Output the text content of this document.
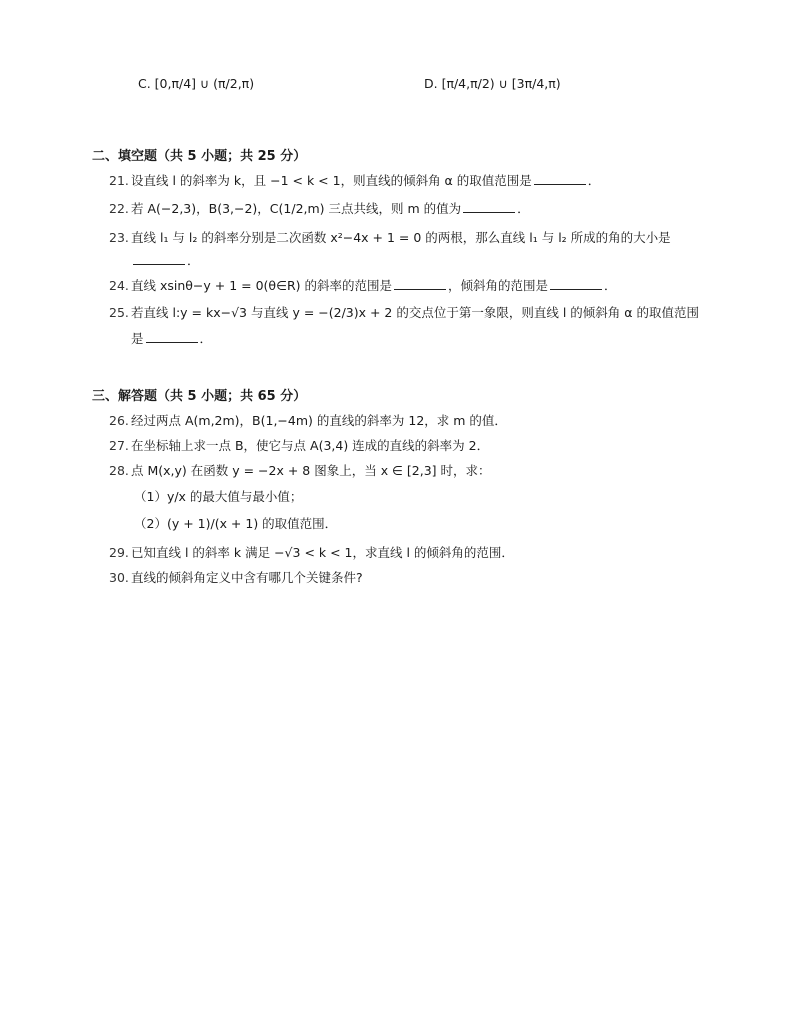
C. [0,π/4] ∪ (π/2,π)	D. [π/4,π/2) ∪ [3π/4,π)
二、填空题（共 5 小题；共 25 分）
21. 设直线 l 的斜率为 k，且 −1 < k < 1，则直线的倾斜角 α 的取值范围是	．
22. 若 A(−2,3)，B(3,−2)，C(1/2,m) 三点共线，则 m 的值为	．
23. 直线 l₁ 与 l₂ 的斜率分别是二次函数 x²−4x + 1 = 0 的两根，那么直线 l₁ 与 l₂ 所成的角的大小是
．
24. 直线 xsinθ−y + 1 = 0(θ∈R) 的斜率的范围是	，倾斜角的范围是	．
25. 若直线 l:y = kx−√3 与直线 y = −(2/3)x + 2 的交点位于第一象限，则直线 l 的倾斜角 α 的取值范围
是	．
三、解答题（共 5 小题；共 65 分）
26. 经过两点 A(m,2m)，B(1,−4m) 的直线的斜率为 12，求 m 的值．
27. 在坐标轴上求一点 B，使它与点 A(3,4) 连成的直线的斜率为 2．
28. 点 M(x,y) 在函数 y = −2x + 8 图象上，当 x ∈ [2,3] 时，求：
（1）y/x 的最大值与最小值；
（2）(y + 1)/(x + 1) 的取值范围．
29. 已知直线 l 的斜率 k 满足 −√3 < k < 1，求直线 l 的倾斜角的范围．
30. 直线的倾斜角定义中含有哪几个关键条件?
